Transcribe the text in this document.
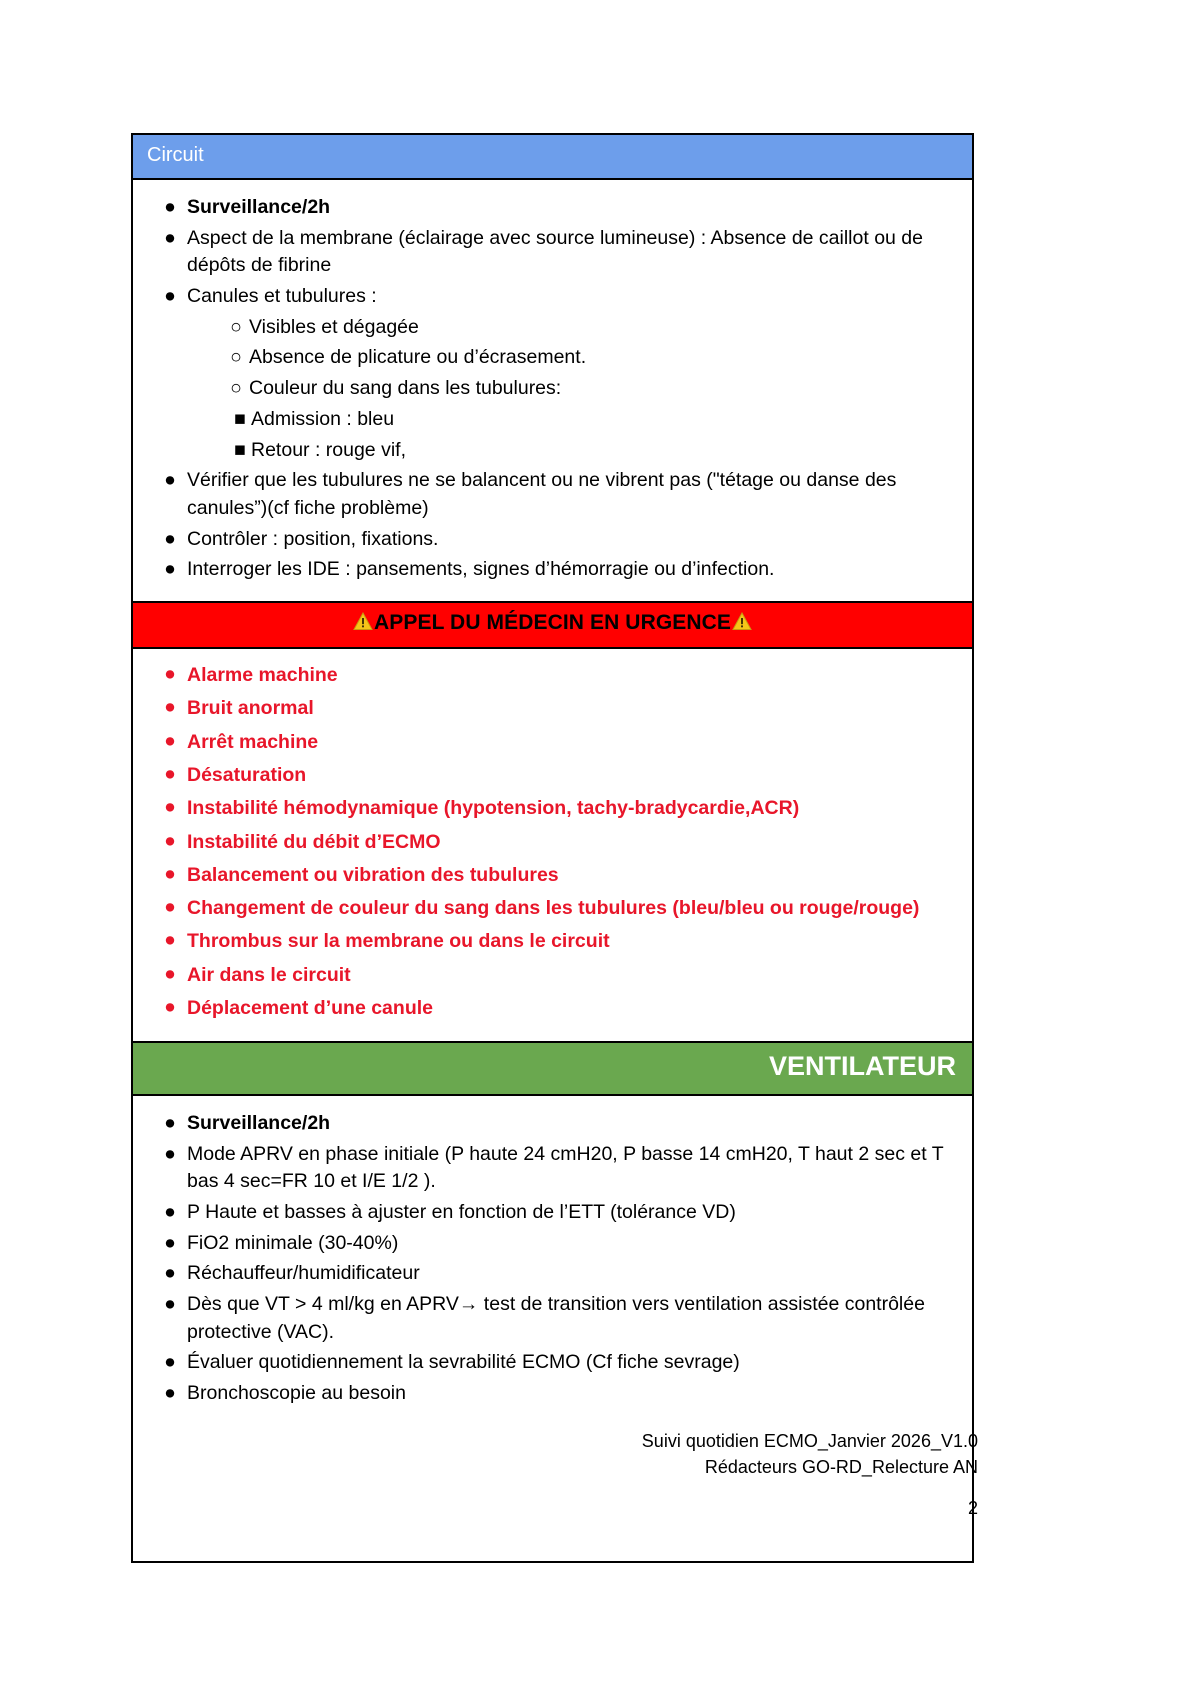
Circuit
● Surveillance/2h
● Aspect de la membrane (éclairage avec source lumineuse) : Absence de caillot ou de dépôts de fibrine
● Canules et tubulures :
○ Visibles et dégagée
○ Absence de plicature ou d’écrasement.
○ Couleur du sang dans les tubulures:
■ Admission : bleu
■ Retour : rouge vif,
● Vérifier que les tubulures ne se balancent ou ne vibrent pas ("tétage ou danse des canules”)(cf fiche problème)
● Contrôler : position, fixations.
● Interroger les IDE : pansements, signes d’hémorragie ou d’infection.
APPEL DU MÉDECIN EN URGENCE
● Alarme machine
● Bruit anormal
● Arrêt machine
● Désaturation
● Instabilité hémodynamique (hypotension, tachy-bradycardie,ACR)
● Instabilité du débit d’ECMO
● Balancement ou vibration des tubulures
● Changement de couleur du sang dans les tubulures (bleu/bleu ou rouge/rouge)
● Thrombus sur la membrane ou dans le circuit
● Air dans le circuit
● Déplacement d’une canule
VENTILATEUR
● Surveillance/2h
● Mode APRV en phase initiale (P haute 24 cmH20, P basse 14 cmH20, T haut 2 sec et T bas 4 sec=FR 10 et I/E 1/2 ).
● P Haute et basses à ajuster en fonction de l’ETT (tolérance VD)
● FiO2 minimale (30-40%)
● Réchauffeur/humidificateur
● Dès que VT > 4 ml/kg en APRV→ test de transition vers ventilation assistée contrôlée protective (VAC).
● Évaluer quotidiennement la sevrabilité ECMO (Cf fiche sevrage)
● Bronchoscopie au besoin
Suivi quotidien ECMO_Janvier 2026_V1.0
Rédacteurs GO-RD_Relecture AN
2
